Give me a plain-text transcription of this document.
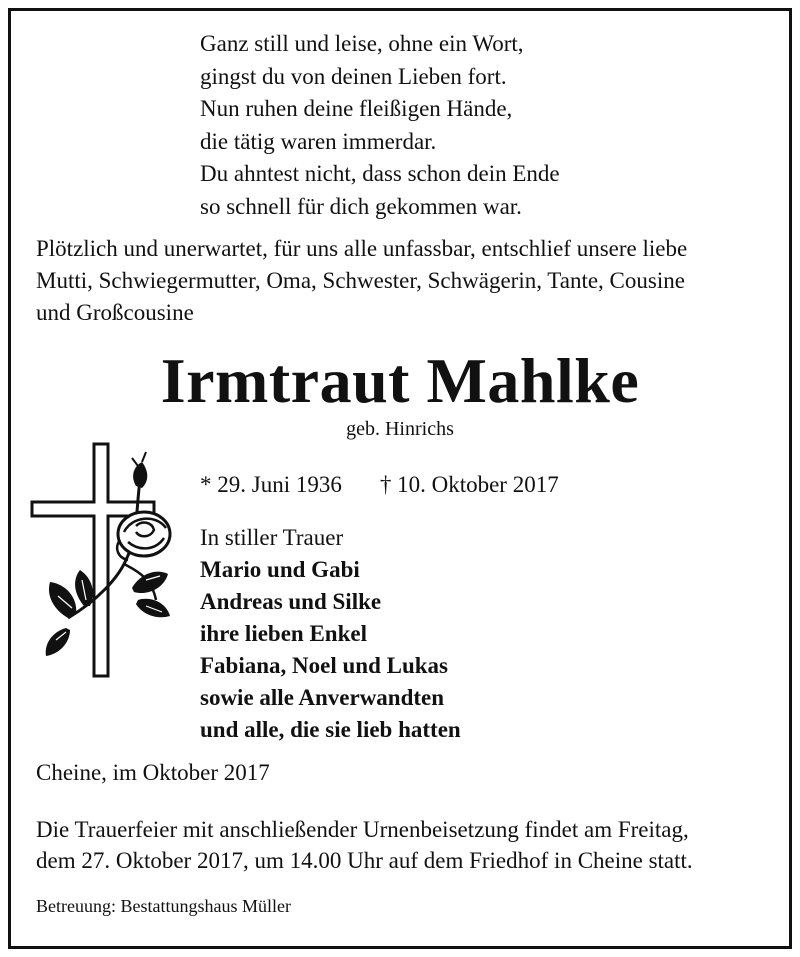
Ganz still und leise, ohne ein Wort,
gingst du von deinen Lieben fort.
Nun ruhen deine fleißigen Hände,
die tätig waren immerdar.
Du ahntest nicht, dass schon dein Ende
so schnell für dich gekommen war.
Plötzlich und unerwartet, für uns alle unfassbar, entschlief unsere liebe
Mutti, Schwiegermutter, Oma, Schwester, Schwägerin, Tante, Cousine
und Großcousine
Irmtraut Mahlke
geb. Hinrichs
* 29. Juni 1936 † 10. Oktober 2017
In stiller Trauer
Mario und Gabi
Andreas und Silke
ihre lieben Enkel
Fabiana, Noel und Lukas
sowie alle Anverwandten
und alle, die sie lieb hatten
Cheine, im Oktober 2017
Die Trauerfeier mit anschließender Urnenbeisetzung findet am Freitag,
dem 27. Oktober 2017, um 14.00 Uhr auf dem Friedhof in Cheine statt.
Betreuung: Bestattungshaus Müller
